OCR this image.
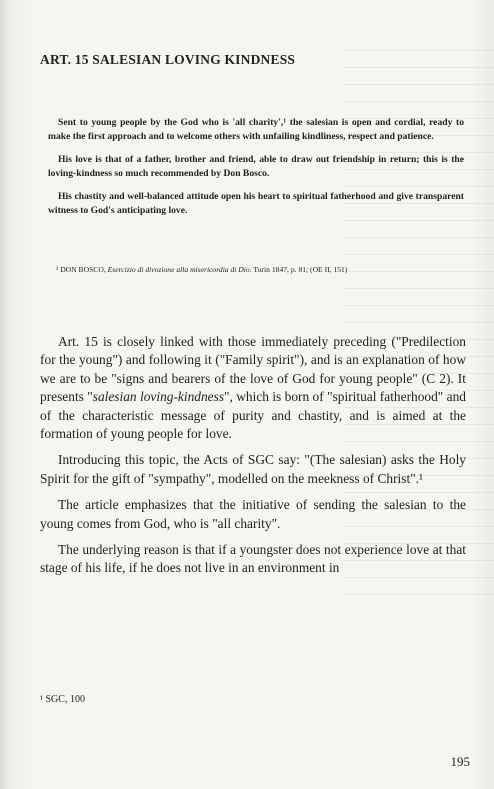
ART. 15 SALESIAN LOVING KINDNESS

Sent to young people by the God who is 'all charity',¹ the salesian is open and cordial, ready to make the first approach and to welcome others with unfailing kindliness, respect and patience.

His love is that of a father, brother and friend, able to draw out friendship in return; this is the loving-kindness so much recommended by Don Bosco.

His chastity and well-balanced attitude open his heart to spiritual fatherhood and give transparent witness to God's anticipating love.

¹ DON BOSCO, Esercizio di divozione alla misericordia di Dio. Turin 1847, p. 81; (OE II, 151)

Art. 15 is closely linked with those immediately preceding ("Predilection for the young") and following it ("Family spirit"), and is an explanation of how we are to be "signs and bearers of the love of God for young people" (C 2). It presents "salesian loving-kindness", which is born of "spiritual fatherhood" and of the characteristic message of purity and chastity, and is aimed at the formation of young people for love.

Introducing this topic, the Acts of SGC say: "(The salesian) asks the Holy Spirit for the gift of "sympathy", modelled on the meekness of Christ".¹

The article emphasizes that the initiative of sending the salesian to the young comes from God, who is "all charity".

The underlying reason is that if a youngster does not experience love at that stage of his life, if he does not live in an environment in

¹ SGC, 100
195
